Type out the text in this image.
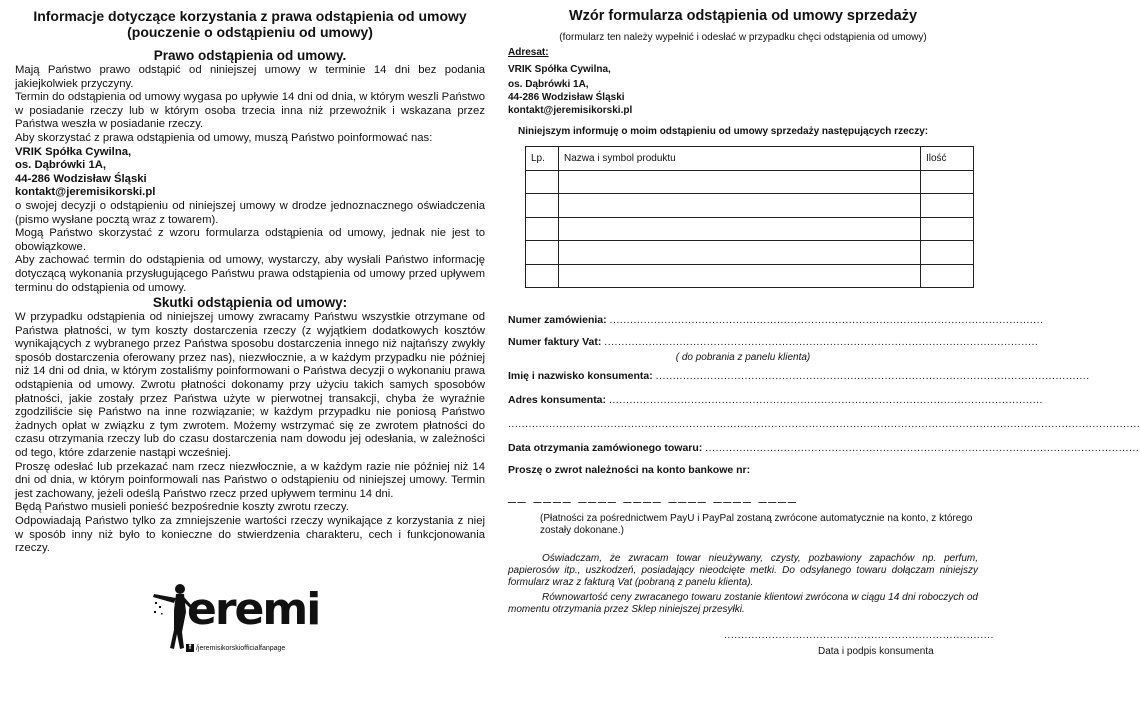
Informacje dotyczące korzystania z prawa odstąpienia od umowy
(pouczenie o odstąpieniu od umowy)
Prawo odstąpienia od umowy.
Mają Państwo prawo odstąpić od niniejszej umowy w terminie 14 dni bez podania jakiejkolwiek przyczyny.
Termin do odstąpienia od umowy wygasa po upływie 14 dni od dnia, w którym weszli Państwo w posiadanie rzeczy lub w którym osoba trzecia inna niż przewoźnik i wskazana przez Państwa weszła w posiadanie rzeczy.
Aby skorzystać z prawa odstąpienia od umowy, muszą Państwo poinformować nas:
VRIK Spółka Cywilna,
os. Dąbrówki 1A,
44-286 Wodzisław Śląski
kontakt@jeremisikorski.pl
o swojej decyzji o odstąpieniu od niniejszej umowy w drodze jednoznacznego oświadczenia (pismo wysłane pocztą wraz z towarem).
Mogą Państwo skorzystać z wzoru formularza odstąpienia od umowy, jednak nie jest to obowiązkowe.
Aby zachować termin do odstąpienia od umowy, wystarczy, aby wysłali Państwo informację dotyczącą wykonania przysługującego Państwu prawa odstąpienia od umowy przed upływem terminu do odstąpienia od umowy.
Skutki odstąpienia od umowy:
W przypadku odstąpienia od niniejszej umowy zwracamy Państwu wszystkie otrzymane od Państwa płatności, w tym koszty dostarczenia rzeczy (z wyjątkiem dodatkowych kosztów wynikających z wybranego przez Państwa sposobu dostarczenia innego niż najtańszy zwykły sposób dostarczenia oferowany przez nas), niezwłocznie, a w każdym przypadku nie później niż 14 dni od dnia, w którym zostaliśmy poinformowani o Państwa decyzji o wykonaniu prawa odstąpienia od umowy. Zwrotu płatności dokonamy przy użyciu takich samych sposobów płatności, jakie zostały przez Państwa użyte w pierwotnej transakcji, chyba że wyraźnie zgodziliście się Państwo na inne rozwiązanie; w każdym przypadku nie poniosą Państwo żadnych opłat w związku z tym zwrotem. Możemy wstrzymać się ze zwrotem płatności do czasu otrzymania rzeczy lub do czasu dostarczenia nam dowodu jej odesłania, w zależności od tego, które zdarzenie nastąpi wcześniej.
Proszę odesłać lub przekazać nam rzecz niezwłocznie, a w każdym razie nie później niż 14 dni od dnia, w którym poinformowali nas Państwo o odstąpieniu od niniejszej umowy. Termin jest zachowany, jeżeli odeślą Państwo rzecz przed upływem terminu 14 dni.
Będą Państwo musieli ponieść bezpośrednie koszty zwrotu rzeczy.
Odpowiadają Państwo tylko za zmniejszenie wartości rzeczy wynikające z korzystania z niej w sposób inny niż było to konieczne do stwierdzenia charakteru, cech i funkcjonowania rzeczy.
eremi
f /jeremisikorskiofficialfanpage
Wzór formularza odstąpienia od umowy sprzedaży
(formularz ten należy wypełnić i odesłać w przypadku chęci odstąpienia od umowy)
Adresat:
VRIK Spółka Cywilna,
os. Dąbrówki 1A,
44-286 Wodzisław Śląski
kontakt@jeremisikorski.pl
Niniejszym informuję o moim odstąpieniu od umowy sprzedaży następujących rzeczy:
Lp.	Nazwa i symbol produktu	Ilość

Numer zamówienia: ...............................................................................................................................
Numer faktury Vat: ...............................................................................................................................
( do pobrania z panelu klienta)
Imię i nazwisko konsumenta: ...............................................................................................................................
Adres konsumenta: ...............................................................................................................................
.........................................................................................................................................................................................
Data otrzymania zamówionego towaru: ...............................................................................................................................
Proszę o zwrot należności na konto bankowe nr:
__ ____ ____ ____ ____ ____ ____
(Płatności za pośrednictwem PayU i PayPal zostaną zwrócone automatycznie na konto, z którego zostały dokonane.)
Oświadczam, że zwracam towar nieużywany, czysty, pozbawiony zapachów np. perfum, papierosów itp., uszkodzeń, posiadający nieodcięte metki. Do odsyłanego towaru dołączam niniejszy formularz wraz z fakturą Vat (pobraną z panelu klienta).
Równowartość ceny zwracanego towaru zostanie klientowi zwrócona w ciągu 14 dni roboczych od momentu otrzymania przez Sklep niniejszej przesyłki.
...............................................................................
Data i podpis konsumenta
